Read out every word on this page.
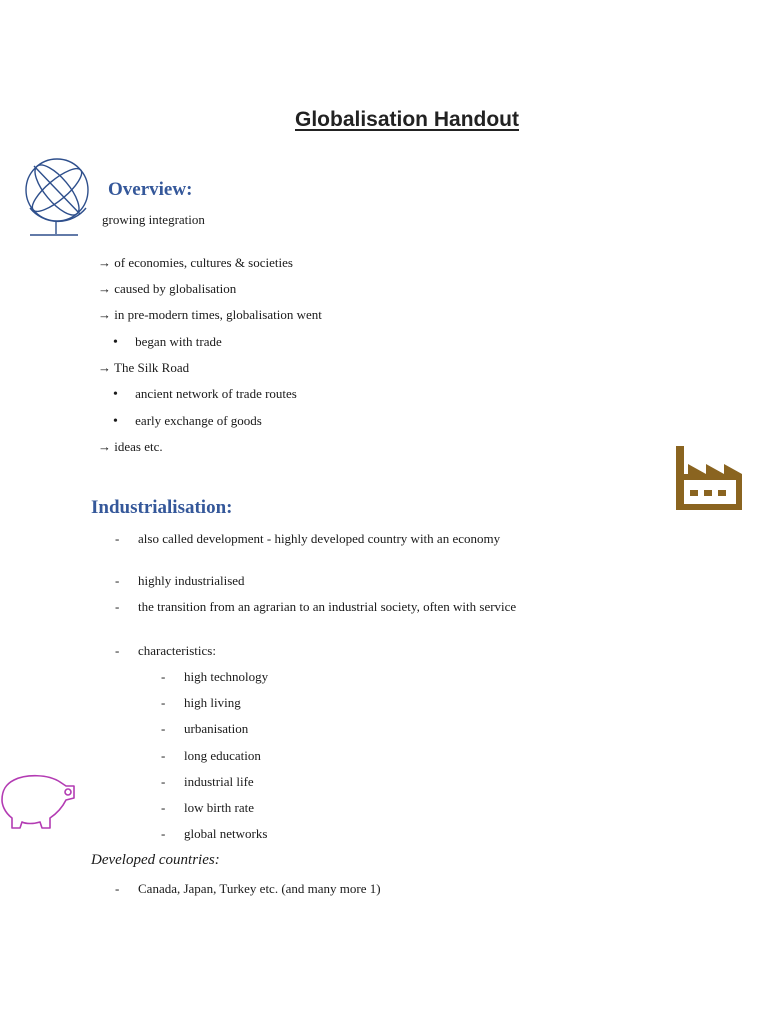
Globalisation Handout
Overview:
growing integration
→ of economies, cultures & societies
→ caused by globalisation
→ in pre-modern times, globalisation went
• began with trade
→ The Silk Road
• ancient network of trade routes
• early exchange of goods
→ ideas etc.
Industrialisation:
- also called development - highly developed country with an economy
- highly industrialised
- the transition from an agrarian to an industrial society, often with service
- characteristics:
- high technology
- high living
- urbanisation
- long education
- industrial life
- low birth rate
- global networks
Developed countries:
- Canada, Japan, Turkey etc. (and many more 1)
